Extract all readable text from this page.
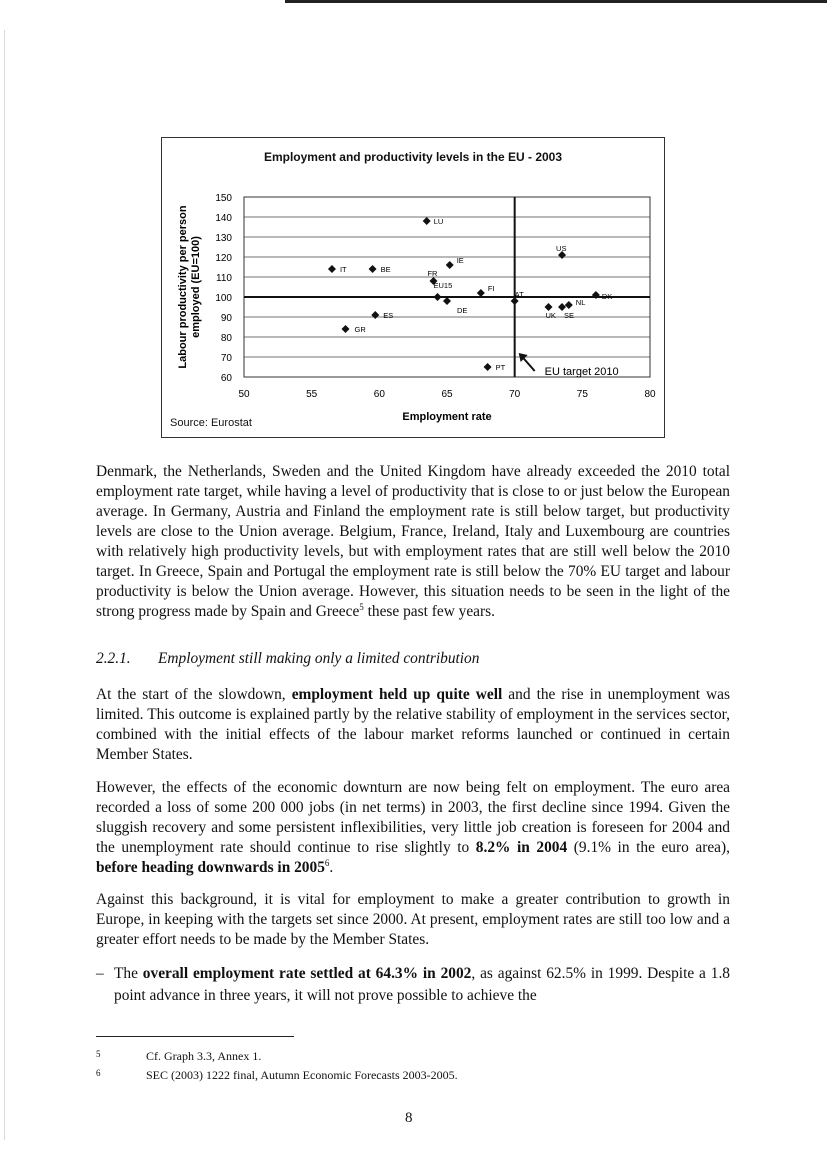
Employment and productivity levels in the EU - 2003
150
140
130
120
110
100
90
80
70
60
50	55	60	65	70	75	80
Employment rate
Labour productivity per personemployed (EU=100)
LU
IT	BE	FR
IE
US
EU15	FI
DE
AT
UK SE
NL
DK
ES
GR
PT	EU target 2010
Source: Eurostat
Denmark, the Netherlands, Sweden and the United Kingdom have already exceeded the 2010 total employment rate target, while having a level of productivity that is close to or just below the European average. In Germany, Austria and Finland the employment rate is still below target, but productivity levels are close to the Union average. Belgium, France, Ireland, Italy and Luxembourg are countries with relatively high productivity levels, but with employment rates that are still well below the 2010 target. In Greece, Spain and Portugal the employment rate is still below the 70% EU target and labour productivity is below the Union average. However, this situation needs to be seen in the light of the strong progress made by Spain and Greece$^5$ these past few years.
2.2.1. Employment still making only a limited contribution
At the start of the slowdown, employment held up quite well and the rise in unemployment was limited. This outcome is explained partly by the relative stability of employment in the services sector, combined with the initial effects of the labour market reforms launched or continued in certain Member States.
However, the effects of the economic downturn are now being felt on employment. The euro area recorded a loss of some 200 000 jobs (in net terms) in 2003, the first decline since 1994. Given the sluggish recovery and some persistent inflexibilities, very little job creation is foreseen for 2004 and the unemployment rate should continue to rise slightly to 8.2% in 2004 (9.1% in the euro area), before heading downwards in 2005$^6$.
Against this background, it is vital for employment to make a greater contribution to growth in Europe, in keeping with the targets set since 2000. At present, employment rates are still too low and a greater effort needs to be made by the Member States.
– The overall employment rate settled at 64.3% in 2002, as against 62.5% in 1999. Despite a 1.8 point advance in three years, it will not prove possible to achieve the
5	Cf. Graph 3.3, Annex 1.
6	SEC (2003) 1222 final, Autumn Economic Forecasts 2003-2005.
8
